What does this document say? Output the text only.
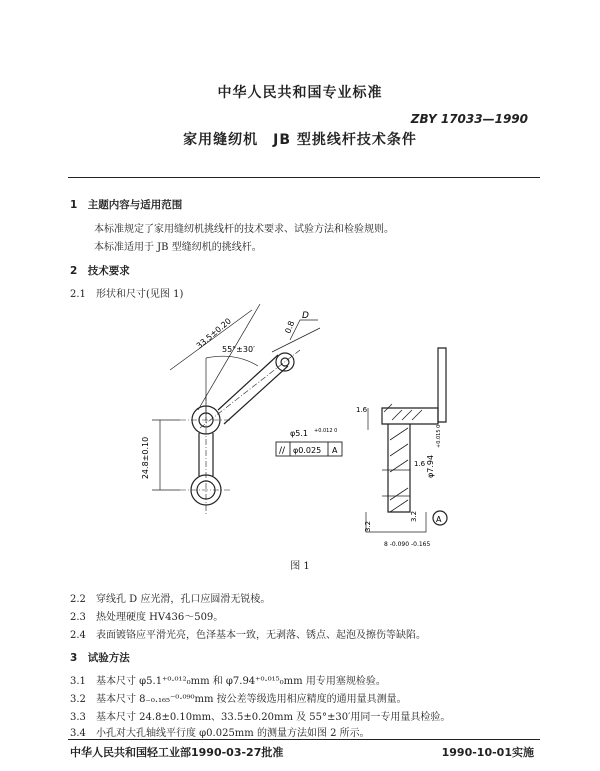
中华人民共和国专业标准
ZBY 17033—1990
家用缝纫机　JB 型挑线杆技术条件
1　主题内容与适用范围
本标准规定了家用缝纫机挑线杆的技术要求、试验方法和检验规则。
本标准适用于 JB 型缝纫机的挑线杆。
2　技术要求
2.1 形状和尺寸(见图 1)
24.8±0.10
33.5±0.20
55°±30′
0.8
D
φ5.1 +0.012 0
// φ0.025 A
φ7.94
+0.015 0
8 -0.090 -0.165
1.6
1.6
3.2
3.2 A
图 1
2.2 穿线孔 D 应光滑，孔口应圆滑无锐棱。
2.3 热处理硬度 HV436～509。
2.4 表面镀铬应平滑光亮，色泽基本一致，无剥落、锈点、起泡及擦伤等缺陷。
3　试验方法
3.1 基本尺寸 φ5.1⁺⁰·⁰¹²₀mm 和 φ7.94⁺⁰·⁰¹⁵₀mm 用专用塞规检验。
3.2 基本尺寸 8₋₀.₁₆₅⁻⁰·⁰⁹⁰mm 按公差等级选用相应精度的通用量具测量。
3.3 基本尺寸 24.8±0.10mm、33.5±0.20mm 及 55°±30′用同一专用量具检验。
3.4 小孔对大孔轴线平行度 φ0.025mm 的测量方法如图 2 所示。
中华人民共和国轻工业部1990-03-27批准	1990-10-01实施
